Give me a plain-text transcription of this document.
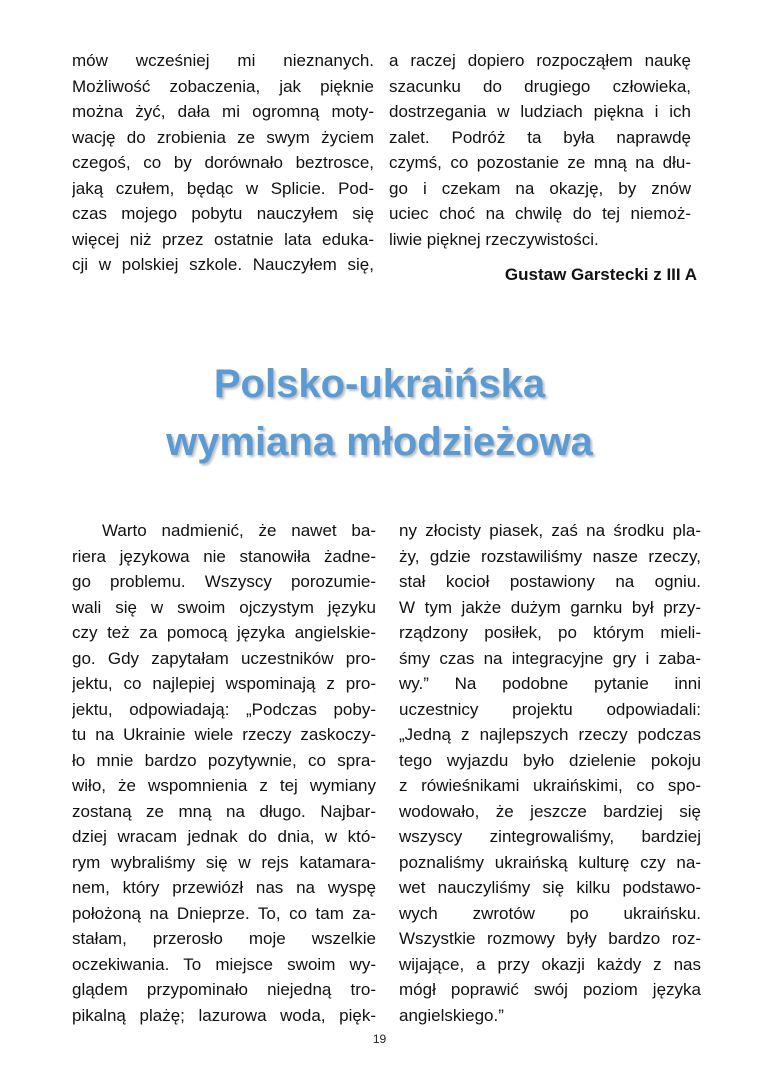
mów wcześniej mi nieznanych.
Możliwość zobaczenia, jak pięknie
można żyć, dała mi ogromną moty-
wację do zrobienia ze swym życiem
czegoś, co by dorównało beztrosce,
jaką czułem, będąc w Splicie. Pod-
czas mojego pobytu nauczyłem się
więcej niż przez ostatnie lata eduka-
cji w polskiej szkole. Nauczyłem się,
a raczej dopiero rozpocząłem naukę
szacunku do drugiego człowieka,
dostrzegania w ludziach piękna i ich
zalet. Podróż ta była naprawdę
czymś, co pozostanie ze mną na dłu-
go i czekam na okazję, by znów
uciec choć na chwilę do tej niemoż-
liwie pięknej rzeczywistości.
Gustaw Garstecki z III A
Polsko-ukraińska
wymiana młodzieżowa
Warto nadmienić, że nawet ba-
riera językowa nie stanowiła żadne-
go problemu. Wszyscy porozumie-
wali się w swoim ojczystym języku
czy też za pomocą języka angielskie-
go. Gdy zapytałam uczestników pro-
jektu, co najlepiej wspominają z pro-
jektu, odpowiadają: „Podczas poby-
tu na Ukrainie wiele rzeczy zaskoczy-
ło mnie bardzo pozytywnie, co spra-
wiło, że wspomnienia z tej wymiany
zostaną ze mną na długo. Najbar-
dziej wracam jednak do dnia, w któ-
rym wybraliśmy się w rejs katamara-
nem, który przewiózł nas na wyspę
położoną na Dnieprze. To, co tam za-
stałam, przerosło moje wszelkie
oczekiwania. To miejsce swoim wy-
glądem przypominało niejedną tro-
pikalną plażę; lazurowa woda, pięk-
ny złocisty piasek, zaś na środku pla-
ży, gdzie rozstawiliśmy nasze rzeczy,
stał kocioł postawiony na ogniu.
W tym jakże dużym garnku był przy-
rządzony posiłek, po którym mieli-
śmy czas na integracyjne gry i zaba-
wy.” Na podobne pytanie inni
uczestnicy projektu odpowiadali:
„Jedną z najlepszych rzeczy podczas
tego wyjazdu było dzielenie pokoju
z rówieśnikami ukraińskimi, co spo-
wodowało, że jeszcze bardziej się
wszyscy zintegrowaliśmy, bardziej
poznaliśmy ukraińską kulturę czy na-
wet nauczyliśmy się kilku podstawo-
wych zwrotów po ukraińsku.
Wszystkie rozmowy były bardzo roz-
wijające, a przy okazji każdy z nas
mógł poprawić swój poziom języka
angielskiego.”
19
